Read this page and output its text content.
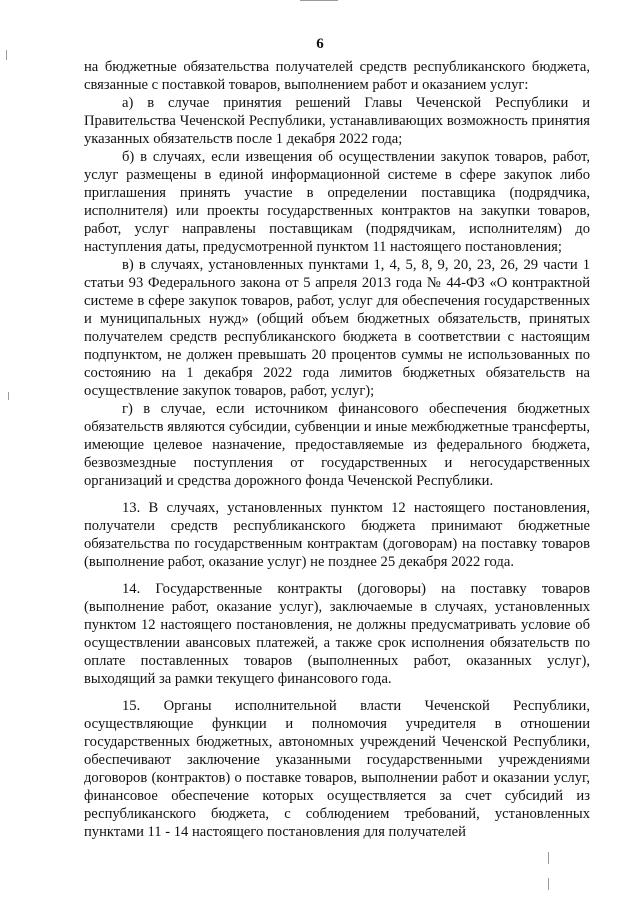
6

на бюджетные обязательства получателей средств республиканского бюджета, связанные с поставкой товаров, выполнением работ и оказанием услуг:

а) в случае принятия решений Главы Чеченской Республики и Правительства Чеченской Республики, устанавливающих возможность принятия указанных обязательств после 1 декабря 2022 года;

б) в случаях, если извещения об осуществлении закупок товаров, работ, услуг размещены в единой информационной системе в сфере закупок либо приглашения принять участие в определении поставщика (подрядчика, исполнителя) или проекты государственных контрактов на закупки товаров, работ, услуг направлены поставщикам (подрядчикам, исполнителям) до наступления даты, предусмотренной пунктом 11 настоящего постановления;

в) в случаях, установленных пунктами 1, 4, 5, 8, 9, 20, 23, 26, 29 части 1 статьи 93 Федерального закона от 5 апреля 2013 года № 44-ФЗ «О контрактной системе в сфере закупок товаров, работ, услуг для обеспечения государственных и муниципальных нужд» (общий объем бюджетных обязательств, принятых получателем средств республиканского бюджета в соответствии с настоящим подпунктом, не должен превышать 20 процентов суммы не использованных по состоянию на 1 декабря 2022 года лимитов бюджетных обязательств на осуществление закупок товаров, работ, услуг);

г) в случае, если источником финансового обеспечения бюджетных обязательств являются субсидии, субвенции и иные межбюджетные трансферты, имеющие целевое назначение, предоставляемые из федерального бюджета, безвозмездные поступления от государственных и негосударственных организаций и средства дорожного фонда Чеченской Республики.

13. В случаях, установленных пунктом 12 настоящего постановления, получатели средств республиканского бюджета принимают бюджетные обязательства по государственным контрактам (договорам) на поставку товаров (выполнение работ, оказание услуг) не позднее 25 декабря 2022 года.

14. Государственные контракты (договоры) на поставку товаров (выполнение работ, оказание услуг), заключаемые в случаях, установленных пунктом 12 настоящего постановления, не должны предусматривать условие об осуществлении авансовых платежей, а также срок исполнения обязательств по оплате поставленных товаров (выполненных работ, оказанных услуг), выходящий за рамки текущего финансового года.

15. Органы исполнительной власти Чеченской Республики, осуществляющие функции и полномочия учредителя в отношении государственных бюджетных, автономных учреждений Чеченской Республики, обеспечивают заключение указанными государственными учреждениями договоров (контрактов) о поставке товаров, выполнении работ и оказании услуг, финансовое обеспечение которых осуществляется за счет субсидий из республиканского бюджета, с соблюдением требований, установленных пунктами 11 - 14 настоящего постановления для получателей
